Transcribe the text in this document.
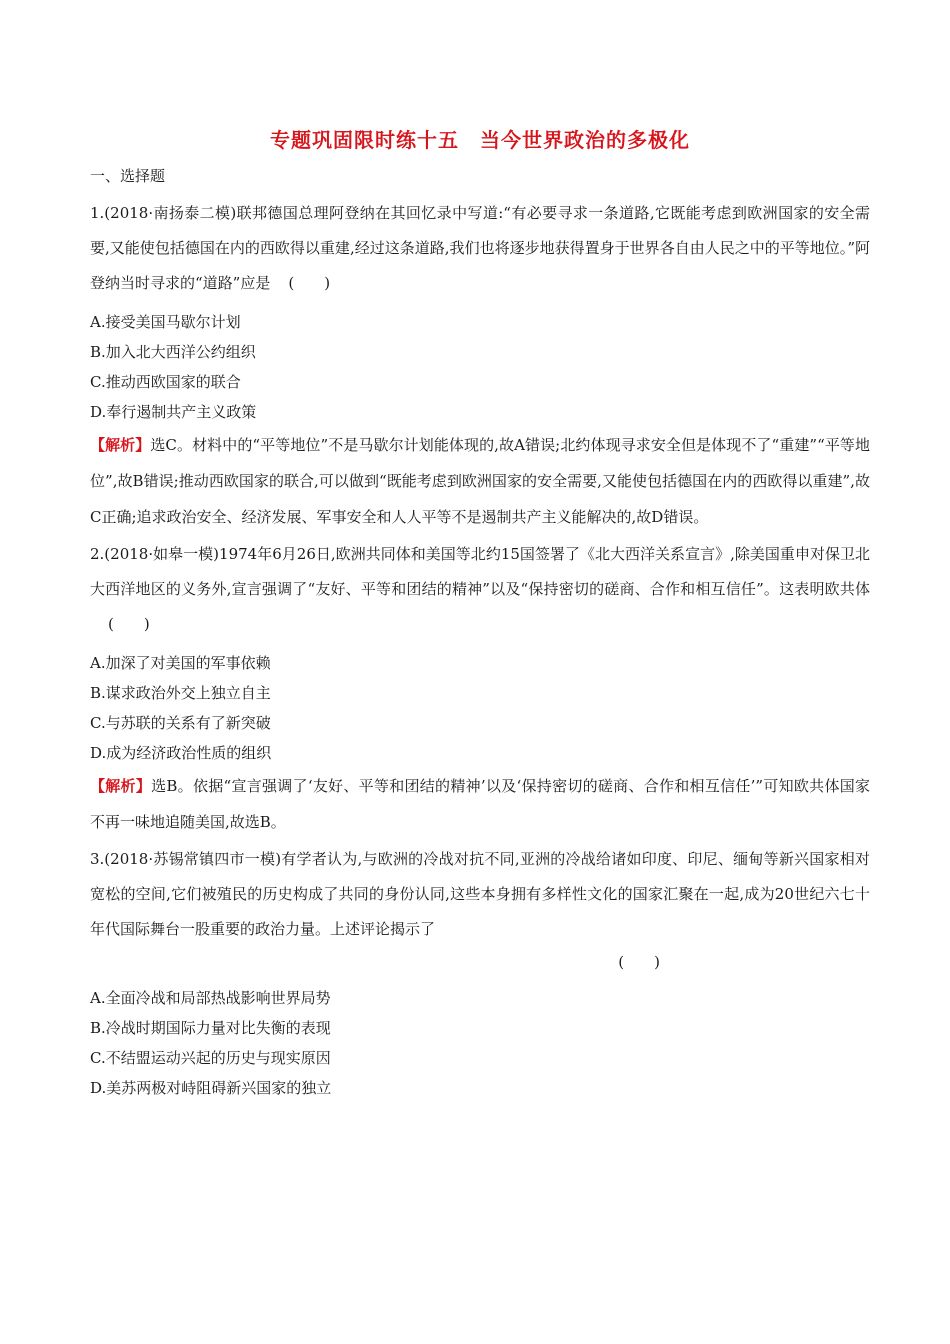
专题巩固限时练十五　当今世界政治的多极化
一、选择题

1.(2018·南扬泰二模)联邦德国总理阿登纳在其回忆录中写道:“有必要寻求一条道路,它既能考虑到欧洲国家的安全需要,又能使包括德国在内的西欧得以重建,经过这条道路,我们也将逐步地获得置身于世界各自由人民之中的平等地位。”阿登纳当时寻求的“道路”应是 (　　)

A.接受美国马歇尔计划

B.加入北大西洋公约组织

C.推动西欧国家的联合

D.奉行遏制共产主义政策

【解析】选C。材料中的“平等地位”不是马歇尔计划能体现的,故A错误;北约体现寻求安全但是体现不了“重建”“平等地位”,故B错误;推动西欧国家的联合,可以做到“既能考虑到欧洲国家的安全需要,又能使包括德国在内的西欧得以重建”,故C正确;追求政治安全、经济发展、军事安全和人人平等不是遏制共产主义能解决的,故D错误。

2.(2018·如皋一模)1974年6月26日,欧洲共同体和美国等北约15国签署了《北大西洋关系宣言》,除美国重申对保卫北大西洋地区的义务外,宣言强调了“友好、平等和团结的精神”以及“保持密切的磋商、合作和相互信任”。这表明欧共体(　　)

A.加深了对美国的军事依赖

B.谋求政治外交上独立自主

C.与苏联的关系有了新突破

D.成为经济政治性质的组织

【解析】选B。依据“宣言强调了‘友好、平等和团结的精神’以及‘保持密切的磋商、合作和相互信任’”可知欧共体国家不再一味地追随美国,故选B。

3.(2018·苏锡常镇四市一模)有学者认为,与欧洲的冷战对抗不同,亚洲的冷战给诸如印度、印尼、缅甸等新兴国家相对宽松的空间,它们被殖民的历史构成了共同的身份认同,这些本身拥有多样性文化的国家汇聚在一起,成为20世纪六七十年代国际舞台一股重要的政治力量。上述评论揭示了

(　　)

A.全面冷战和局部热战影响世界局势

B.冷战时期国际力量对比失衡的表现

C.不结盟运动兴起的历史与现实原因

D.美苏两极对峙阻碍新兴国家的独立
